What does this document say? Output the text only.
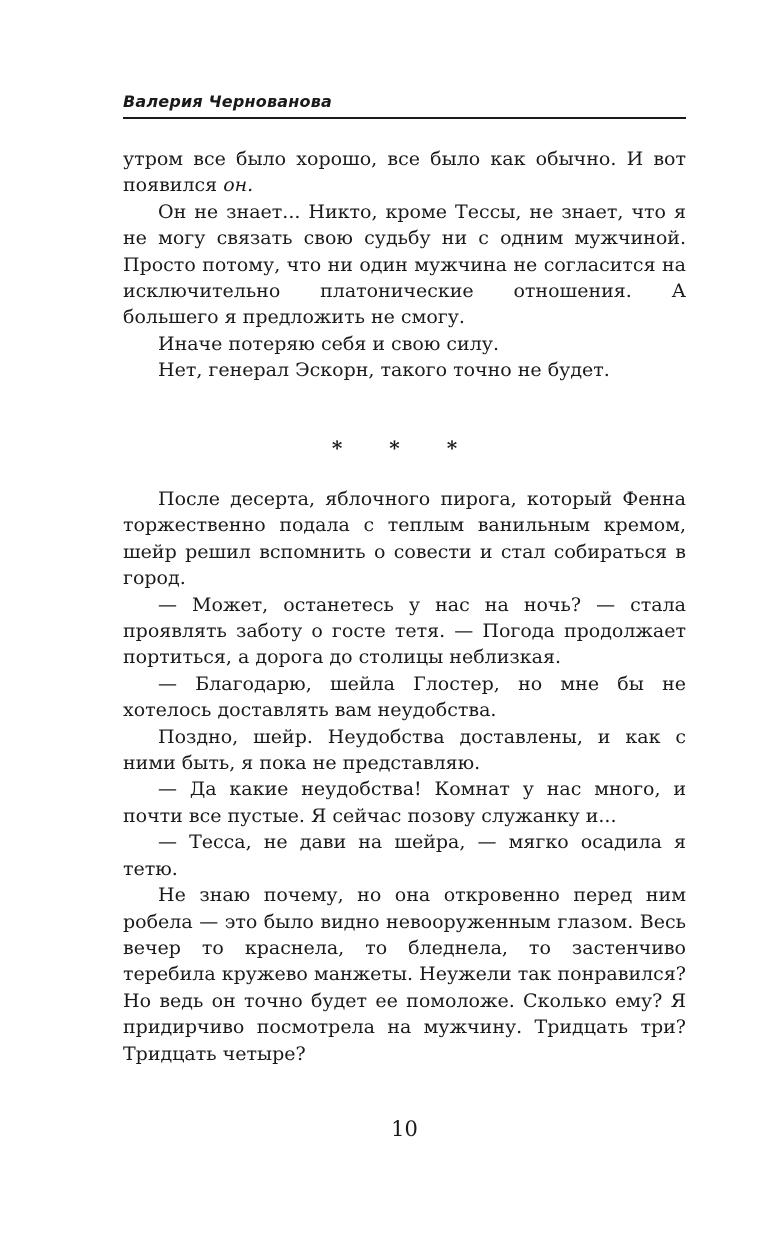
Валерия Чернованова

утром все было хорошо, все было как обычно. И вот появился он.

Он не знает... Никто, кроме Тессы, не знает, что я не могу связать свою судьбу ни с одним мужчиной. Просто потому, что ни один мужчина не согласится на исключительно платонические отношения. А большего я предложить не смогу.

Иначе потеряю себя и свою силу.

Нет, генерал Эскорн, такого точно не будет.

* * *

После десерта, яблочного пирога, который Фенна торжественно подала с теплым ванильным кремом, шейр решил вспомнить о совести и стал собираться в город.

— Может, останетесь у нас на ночь? — стала проявлять заботу о госте тетя. — Погода продолжает портиться, а дорога до столицы неблизкая.

— Благодарю, шейла Глостер, но мне бы не хотелось доставлять вам неудобства.

Поздно, шейр. Неудобства доставлены, и как с ними быть, я пока не представляю.

— Да какие неудобства! Комнат у нас много, и почти все пустые. Я сейчас позову служанку и...

— Тесса, не дави на шейра, — мягко осадила я тетю.

Не знаю почему, но она откровенно перед ним робела — это было видно невооруженным глазом. Весь вечер то краснела, то бледнела, то застенчиво теребила кружево манжеты. Неужели так понравился? Но ведь он точно будет ее помоложе. Сколько ему? Я придирчиво посмотрела на мужчину. Тридцать три? Тридцать четыре?

10
